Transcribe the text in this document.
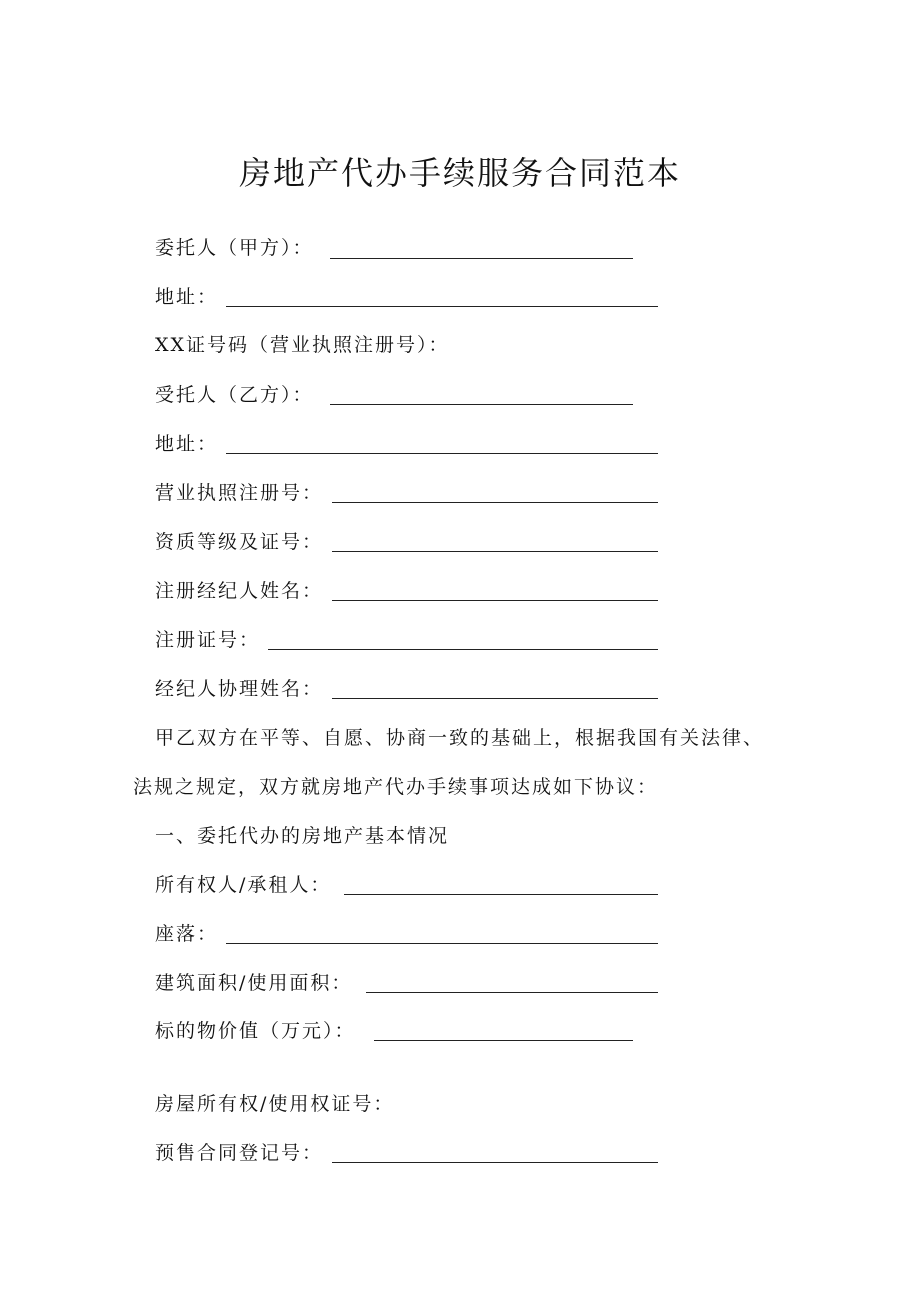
房地产代办手续服务合同范本
委托人（甲方）：
地址：
XX证号码（营业执照注册号）：
受托人（乙方）：
地址：
营业执照注册号：
资质等级及证号：
注册经纪人姓名：
注册证号：
经纪人协理姓名：
甲乙双方在平等、自愿、协商一致的基础上，根据我国有关法律、
法规之规定，双方就房地产代办手续事项达成如下协议：
一、委托代办的房地产基本情况
所有权人/承租人：
座落：
建筑面积/使用面积：
标的物价值（万元）：
房屋所有权/使用权证号：
预售合同登记号：
